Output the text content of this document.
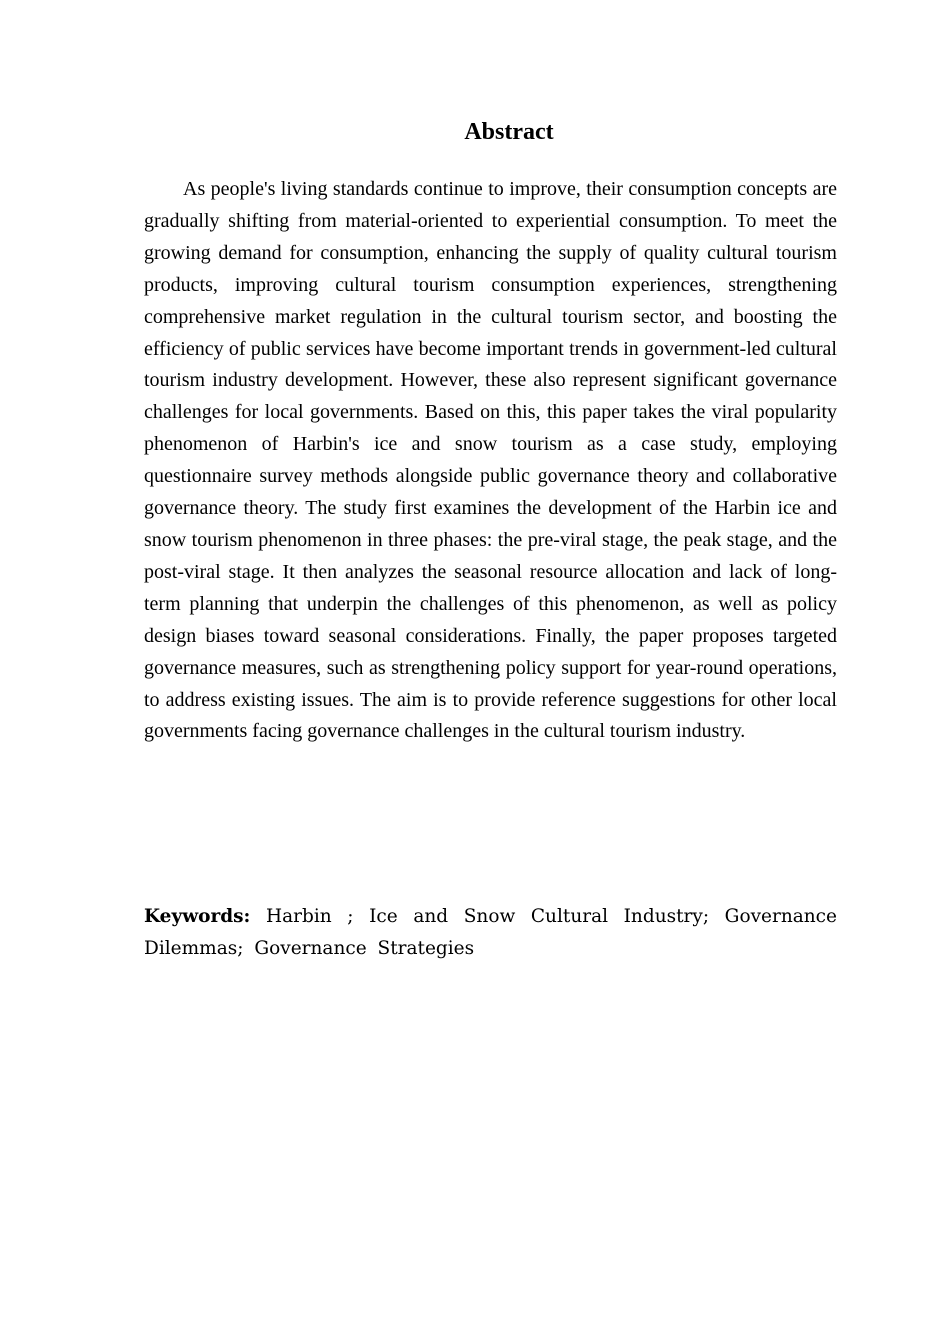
Abstract

As people's living standards continue to improve, their consumption concepts are gradually shifting from material-oriented to experiential consumption. To meet the growing demand for consumption, enhancing the supply of quality cultural tourism products, improving cultural tourism consumption experiences, strengthening comprehensive market regulation in the cultural tourism sector, and boosting the efficiency of public services have become important trends in government-led cultural tourism industry development. However, these also represent significant governance challenges for local governments. Based on this, this paper takes the viral popularity phenomenon of Harbin's ice and snow tourism as a case study, employing questionnaire survey methods alongside public governance theory and collaborative governance theory. The study first examines the development of the Harbin ice and snow tourism phenomenon in three phases: the pre-viral stage, the peak stage, and the post-viral stage. It then analyzes the seasonal resource allocation and lack of long-term planning that underpin the challenges of this phenomenon, as well as policy design biases toward seasonal considerations. Finally, the paper proposes targeted governance measures, such as strengthening policy support for year-round operations, to address existing issues. The aim is to provide reference suggestions for other local governments facing governance challenges in the cultural tourism industry.

Keywords: Harbin ; Ice and Snow Cultural Industry; Governance Dilemmas; Governance Strategies
